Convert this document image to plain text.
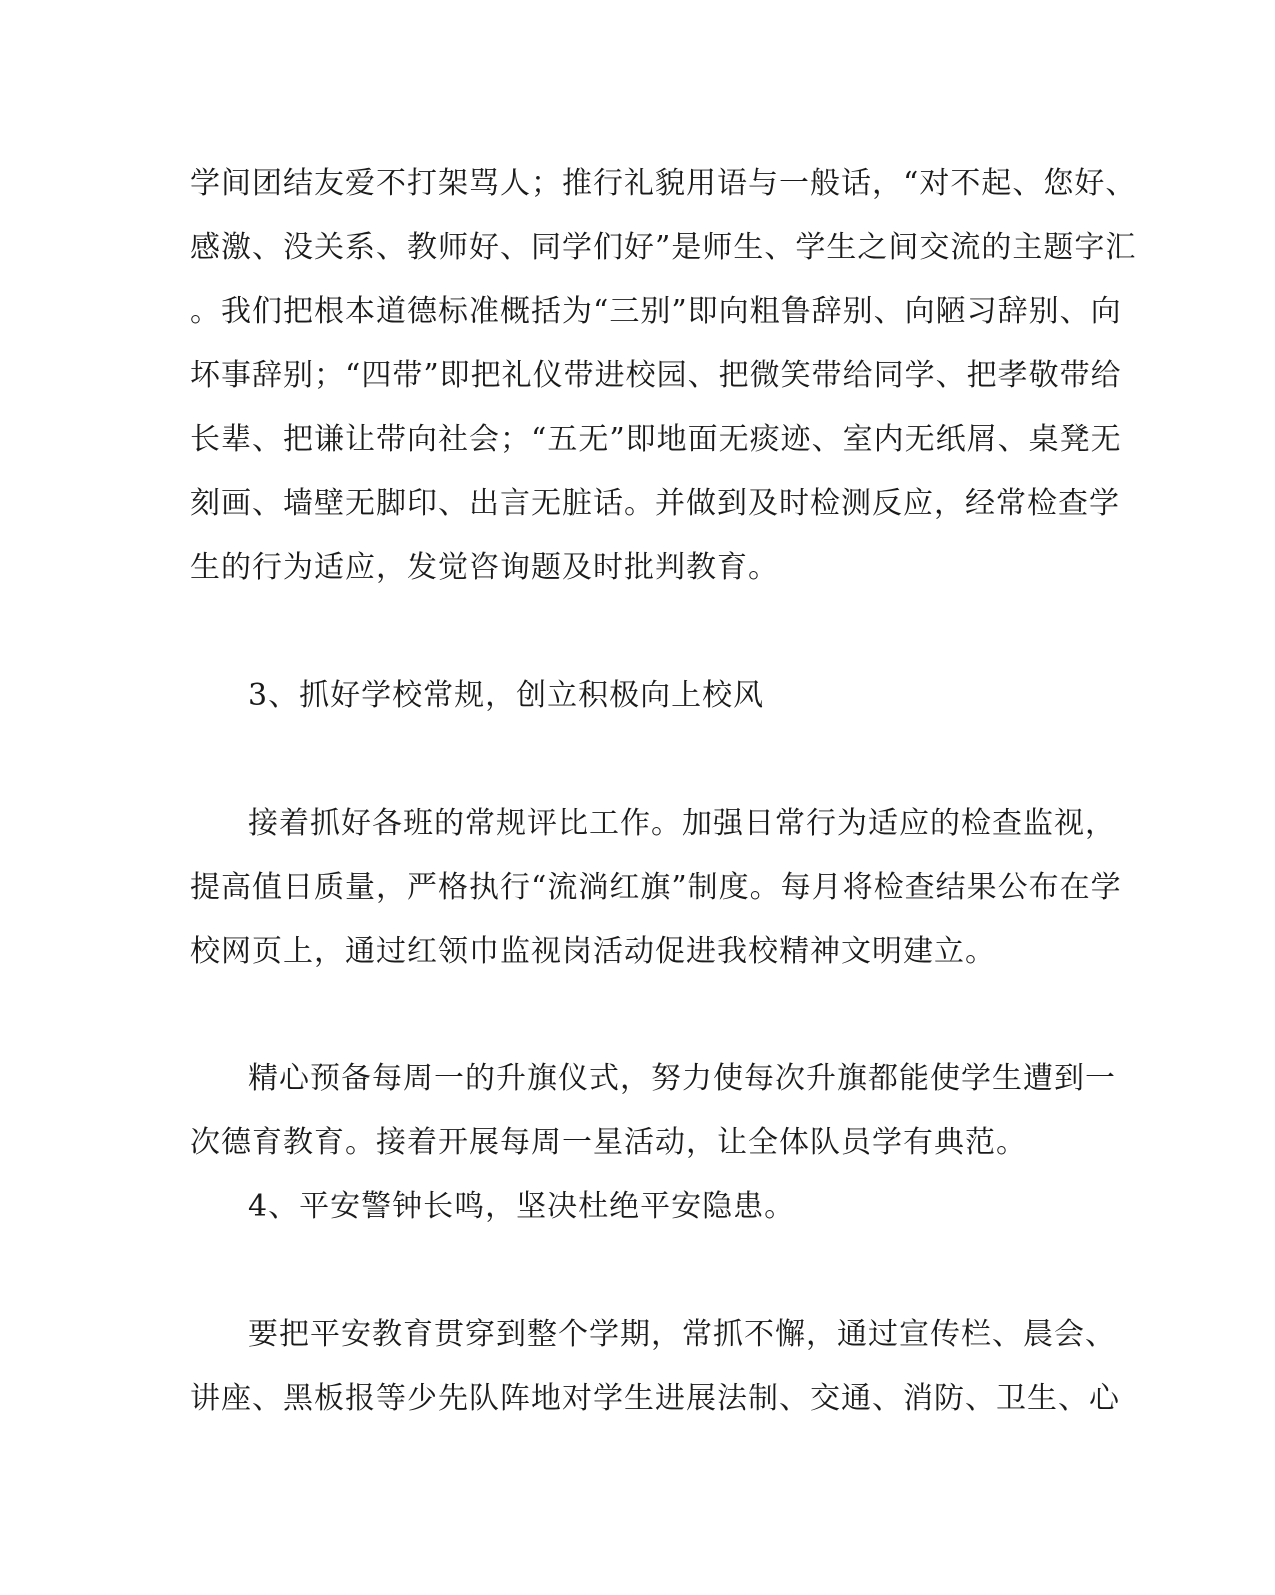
学间团结友爱不打架骂人；推行礼貌用语与一般话，“对不起、您好、
感激、没关系、教师好、同学们好”是师生、学生之间交流的主题字汇
。我们把根本道德标准概括为“三别”即向粗鲁辞别、向陋习辞别、向
坏事辞别；“四带”即把礼仪带进校园、把微笑带给同学、把孝敬带给
长辈、把谦让带向社会；“五无”即地面无痰迹、室内无纸屑、桌凳无
刻画、墙壁无脚印、出言无脏话。并做到及时检测反应，经常检查学
生的行为适应，发觉咨询题及时批判教育。
3、抓好学校常规，创立积极向上校风
接着抓好各班的常规评比工作。加强日常行为适应的检查监视，
提高值日质量，严格执行“流淌红旗”制度。每月将检查结果公布在学
校网页上，通过红领巾监视岗活动促进我校精神文明建立。
精心预备每周一的升旗仪式，努力使每次升旗都能使学生遭到一
次德育教育。接着开展每周一星活动，让全体队员学有典范。
4、平安警钟长鸣，坚决杜绝平安隐患。
要把平安教育贯穿到整个学期，常抓不懈，通过宣传栏、晨会、
讲座、黑板报等少先队阵地对学生进展法制、交通、消防、卫生、心
